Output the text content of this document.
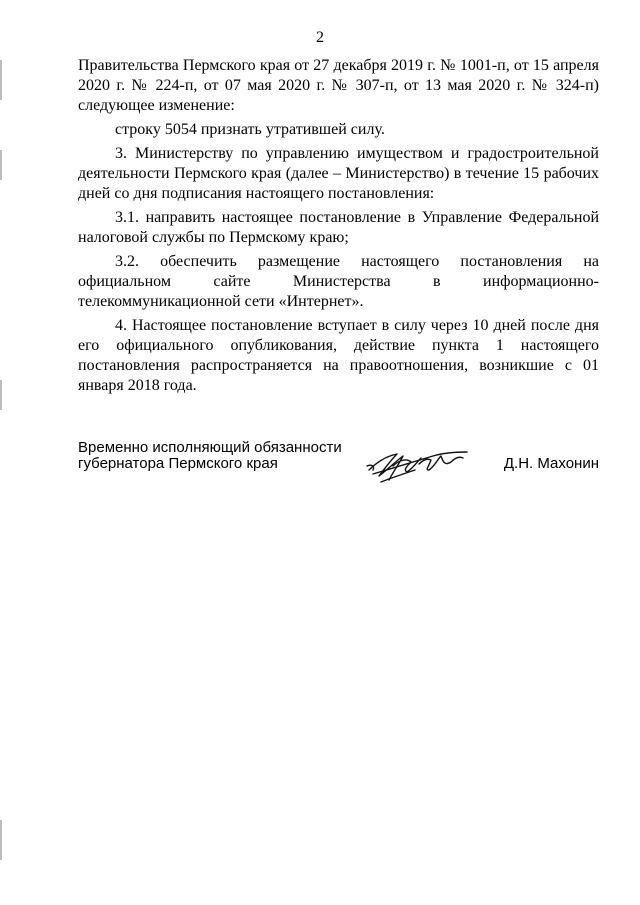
2

Правительства Пермского края от 27 декабря 2019 г. № 1001-п, от 15 апреля 2020 г. № 224-п, от 07 мая 2020 г. № 307-п, от 13 мая 2020 г. № 324-п) следующее изменение:

строку 5054 признать утратившей силу.

3. Министерству по управлению имуществом и градостроительной деятельности Пермского края (далее – Министерство) в течение 15 рабочих дней со дня подписания настоящего постановления:

3.1. направить настоящее постановление в Управление Федеральной налоговой службы по Пермскому краю;

3.2. обеспечить размещение настоящего постановления на официальном сайте Министерства в информационно-телекоммуникационной сети «Интернет».

4. Настоящее постановление вступает в силу через 10 дней после дня его официального опубликования, действие пункта 1 настоящего постановления распространяется на правоотношения, возникшие с 01 января 2018 года.

Временно исполняющий обязанности
губернатора Пермского края	Д.Н. Махонин
